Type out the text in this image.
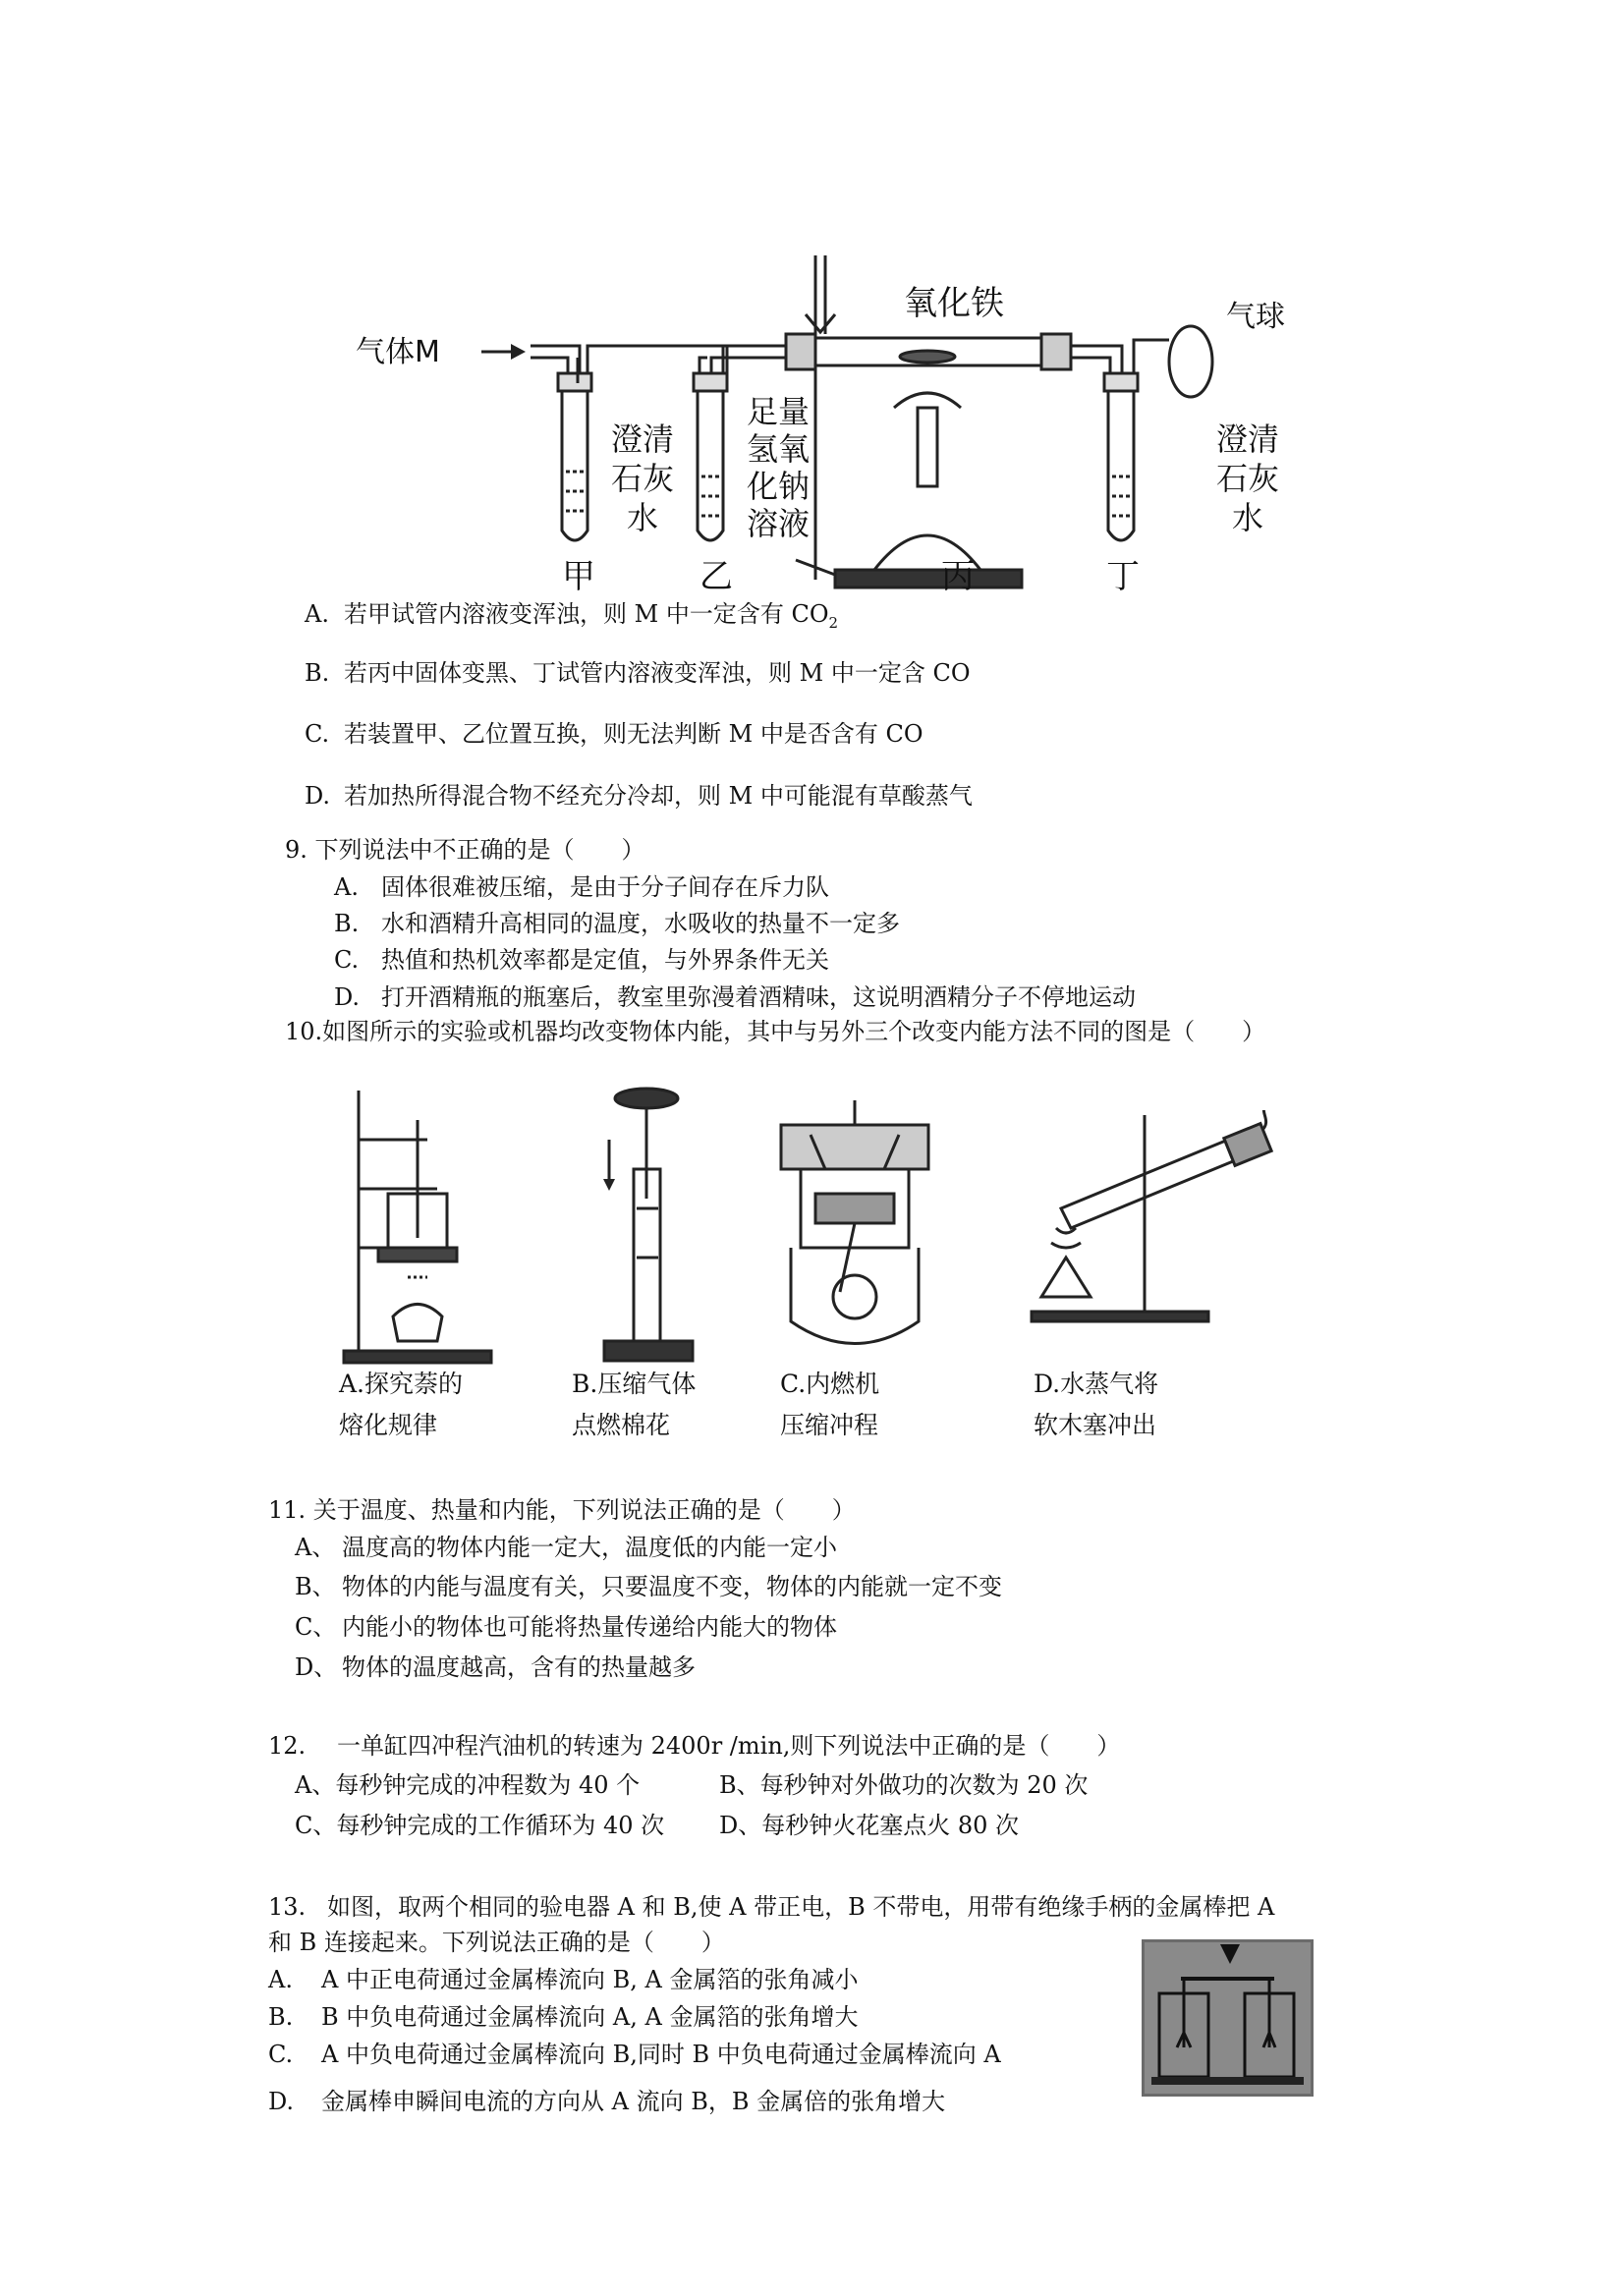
气体M
氧化铁	气球
澄清
石灰
水
足量
氢氧
化钠
溶液
澄清
石灰
水
甲	乙	丙	丁
A. 若甲试管内溶液变浑浊，则 M 中一定含有 $CO_2$
B. 若丙中固体变黑、丁试管内溶液变浑浊，则 M 中一定含 CO
C. 若装置甲、乙位置互换，则无法判断 M 中是否含有 CO
D. 若加热所得混合物不经充分冷却，则 M 中可能混有草酸蒸气
9. 下列说法中不正确的是（　　）
A. 固体很难被压缩，是由于分子间存在斥力队
B. 水和酒精升高相同的温度，水吸收的热量不一定多
C. 热值和热机效率都是定值，与外界条件无关
D. 打开酒精瓶的瓶塞后，教室里弥漫着酒精味，这说明酒精分子不停地运动
10.如图所示的实验或机器均改变物体内能，其中与另外三个改变内能方法不同的图是（　　）
A.探究萘的
熔化规律
B.压缩气体
点燃棉花
C.内燃机
压缩冲程
D.水蒸气将
软木塞冲出
11. 关于温度、热量和内能，下列说法正确的是（　　）
A、 温度高的物体内能一定大，温度低的内能一定小
B、 物体的内能与温度有关，只要温度不变，物体的内能就一定不变
C、 内能小的物体也可能将热量传递给内能大的物体
D、 物体的温度越高，含有的热量越多
12. 一单缸四冲程汽油机的转速为 2400r /min,则下列说法中正确的是（　　）
A、每秒钟完成的冲程数为 40 个	B、每秒钟对外做功的次数为 20 次
C、每秒钟完成的工作循环为 40 次 D、每秒钟火花塞点火 80 次
13. 如图，取两个相同的验电器 A 和 B,使 A 带正电，B 不带电，用带有绝缘手柄的金属棒把 A
和 B 连接起来。下列说法正确的是（　　）
A. A 中正电荷通过金属棒流向 B, A 金属箔的张角减小
B. B 中负电荷通过金属棒流向 A, A 金属箔的张角增大
C. A 中负电荷通过金属棒流向 B,同时 B 中负电荷通过金属棒流向 A
D. 金属棒申瞬间电流的方向从 A 流向 B，B 金属倍的张角增大
